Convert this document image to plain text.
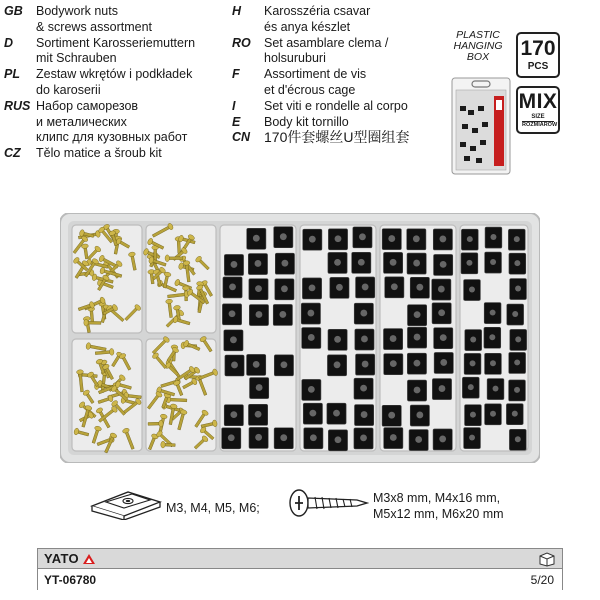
GB	Bodywork nuts
& screws assortment
D	Sortiment Karosseriemuttern
mit Schrauben
PL	Zestaw wkrętów i podkładek
do karoserii
RUS Набор саморезов
и металических
клипс для кузовных работ
CZ	Tělo matice a šroub kit
H	Karosszéria csavar
és anya készlet
RO	Set asamblare clema /
holsuruburi
F	Assortiment de vis
et d'écrous cage
I	Set viti e rondelle al corpo
E	Body kit tornillo
CN 170件套螺丝U型圈组套
PLASTIC
HANGING
BOX	170
PCS
MIX
SIZE
ROZMIAROW
M3, M4, M5, M6;
M3x8 mm, M4x16 mm,
M5x12 mm, M6x20 mm
YATO
YT-06780	5/20
